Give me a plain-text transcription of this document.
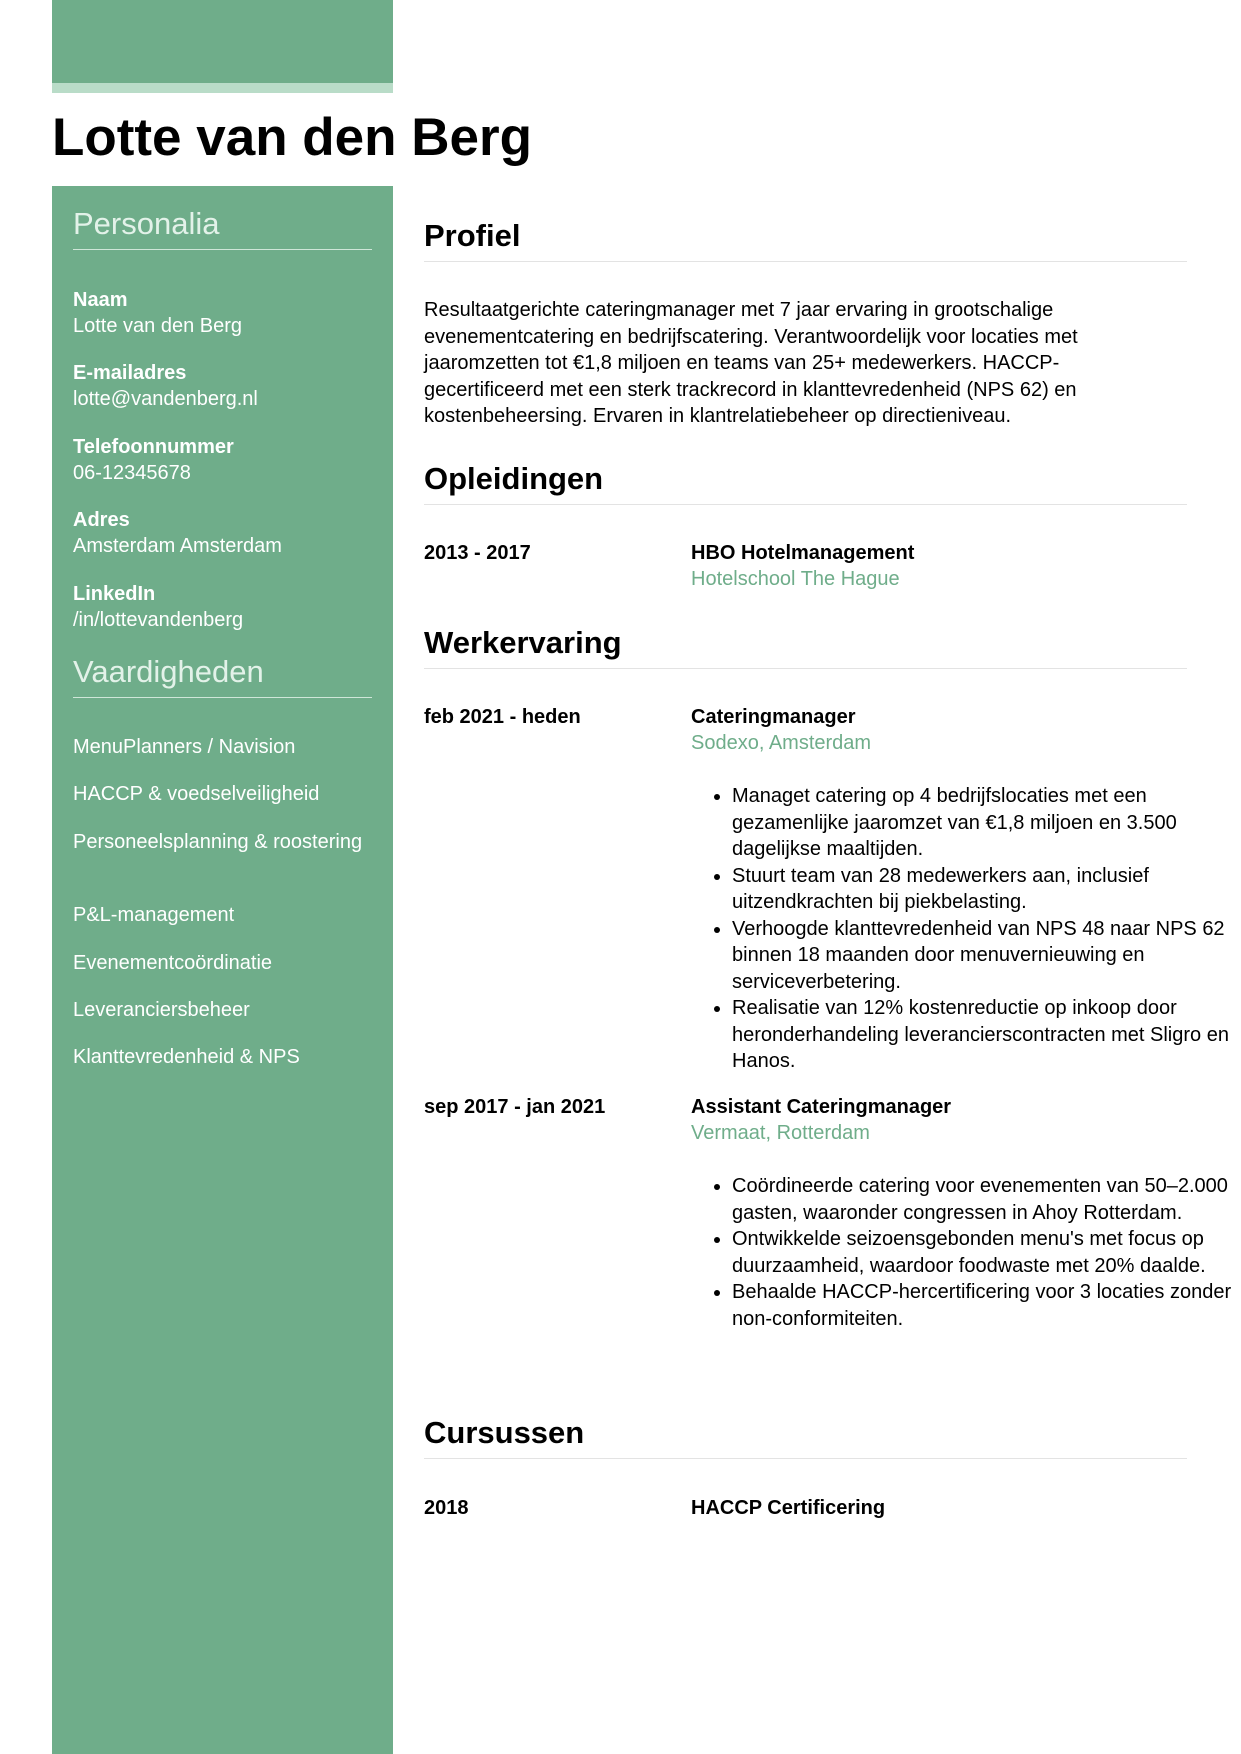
Lotte van den Berg
Personalia
Naam
Lotte van den Berg
E-mailadres
lotte@vandenberg.nl
Telefoonnummer
06-12345678
Adres
Amsterdam Amsterdam
LinkedIn
/in/lottevandenberg
Vaardigheden
MenuPlanners / Navision
HACCP & voedselveiligheid
Personeelsplanning & roostering
P&L-management
Evenementcoördinatie
Leveranciersbeheer
Klanttevredenheid & NPS
Profiel

Resultaatgerichte cateringmanager met 7 jaar ervaring in grootschalige evenementcatering en bedrijfscatering. Verantwoordelijk voor locaties met jaaromzetten tot €1,8 miljoen en teams van 25+ medewerkers. HACCP-gecertificeerd met een sterk trackrecord in klanttevredenheid (NPS 62) en kostenbeheersing. Ervaren in klantrelatiebeheer op directieniveau.

Opleidingen
2013 - 2017	HBO Hotelmanagement
Hotelschool The Hague
Werkervaring
feb 2021 - heden	Cateringmanager
Sodexo, Amsterdam
• Managet catering op 4 bedrijfslocaties met een gezamenlijke jaaromzet van €1,8 miljoen en 3.500 dagelijkse maaltijden.
• Stuurt team van 28 medewerkers aan, inclusief uitzendkrachten bij piekbelasting.
• Verhoogde klanttevredenheid van NPS 48 naar NPS 62 binnen 18 maanden door menuvernieuwing en serviceverbetering.
• Realisatie van 12% kostenreductie op inkoop door heronderhandeling leverancierscontracten met Sligro en Hanos.
sep 2017 - jan 2021	Assistant Cateringmanager
Vermaat, Rotterdam
• Coördineerde catering voor evenementen van 50–2.000 gasten, waaronder congressen in Ahoy Rotterdam.
• Ontwikkelde seizoensgebonden menu's met focus op duurzaamheid, waardoor foodwaste met 20% daalde.
• Behaalde HACCP-hercertificering voor 3 locaties zonder non-conformiteiten.
Cursussen
2018	HACCP Certificering
